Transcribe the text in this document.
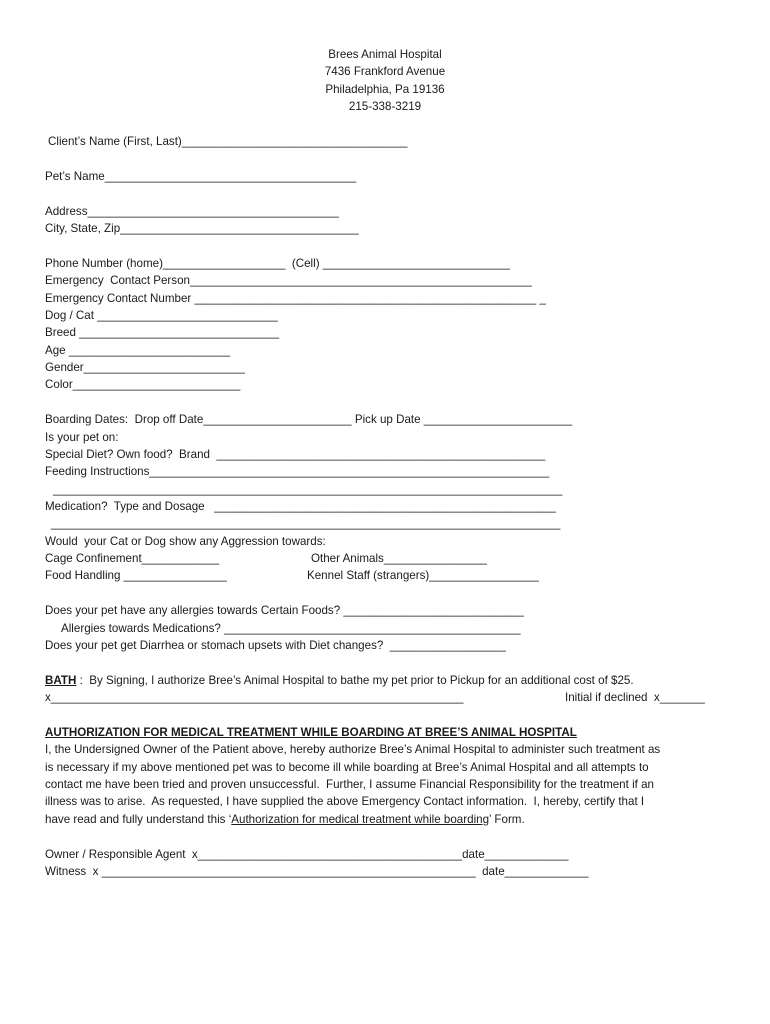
Brees Animal Hospital
7436 Frankford Avenue
Philadelphia, Pa 19136
215-338-3219
Client’s Name (First, Last)___________________________________
Pet’s Name_______________________________________
Address_______________________________________
City, State, Zip_____________________________________
Phone Number (home)___________________  (Cell) _____________________________
Emergency  Contact Person_____________________________________________________
Emergency Contact Number _____________________________________________________ _
Dog / Cat ____________________________
Breed _______________________________
Age _________________________
Gender_________________________
Color__________________________
Boarding Dates:  Drop off Date_______________________ Pick up Date _______________________
Is your pet on:
Special Diet? Own food?  Brand  ___________________________________________________
Feeding Instructions______________________________________________________________
_______________________________________________________________________________
Medication?  Type and Dosage   _____________________________________________________
_______________________________________________________________________________
Would  your Cat or Dog show any Aggression towards:
Cage Confinement____________	Other Animals________________
Food Handling ________________	Kennel Staff (strangers)_________________
Does your pet have any allergies towards Certain Foods? ____________________________
Allergies towards Medications? ______________________________________________
Does your pet get Diarrhea or stomach upsets with Diet changes?  __________________
BATH :  By Signing, I authorize Bree’s Animal Hospital to bathe my pet prior to Pickup for an additional cost of $25.
x________________________________________________________________	Initial if declined  x_______
AUTHORIZATION FOR MEDICAL TREATMENT WHILE BOARDING AT BREE’S ANIMAL HOSPITAL
I, the Undersigned Owner of the Patient above, hereby authorize Bree’s Animal Hospital to administer such treatment as
is necessary if my above mentioned pet was to become ill while boarding at Bree’s Animal Hospital and all attempts to
contact me have been tried and proven unsuccessful.  Further, I assume Financial Responsibility for the treatment if an
illness was to arise.  As requested, I have supplied the above Emergency Contact information.  I, hereby, certify that I
have read and fully understand this ‘Authorization for medical treatment while boarding’ Form.
Owner / Responsible Agent  x_________________________________________date_____________
Witness  x __________________________________________________________  date_____________
